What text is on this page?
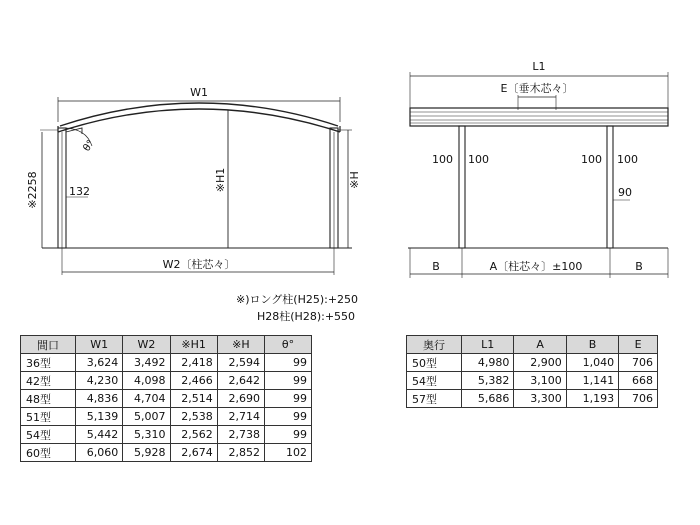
W1
W2〔柱芯々〕
132
θ°
※2258	※H1	※H
L1
E〔垂木芯々〕
100 100	100 100
90
B	A〔柱芯々〕±100	B
※)ロング柱(H25):+250
H28柱(H28):+550
間口	W1	W2	※H1	※H	θ°
36型	3,624	3,492	2,418	2,594	99
42型	4,230	4,098	2,466	2,642	99
48型	4,836	4,704	2,514	2,690	99
51型	5,139	5,007	2,538	2,714	99
54型	5,442	5,310	2,562	2,738	99
60型	6,060	5,928	2,674	2,852	102
奥行	L1	A	B	E
50型	4,980	2,900	1,040	706
54型	5,382	3,100	1,141	668
57型	5,686	3,300	1,193	706
